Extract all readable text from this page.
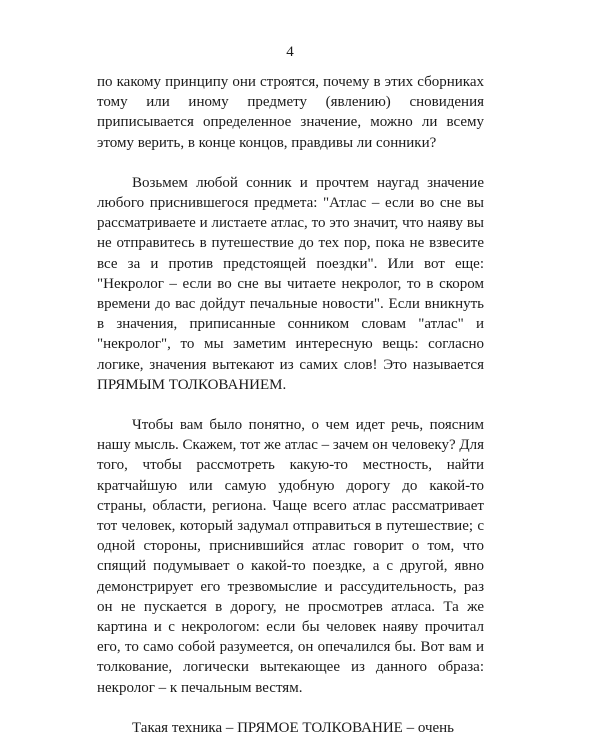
4

по какому принципу они строятся, почему в этих сборниках тому или иному предмету (явлению) сновидения приписывается определенное значение, можно ли всему этому верить, в конце концов, правдивы ли сонники?

Возьмем любой сонник и прочтем наугад значение любого приснившегося предмета: "Атлас – если во сне вы рассматриваете и листаете атлас, то это значит, что наяву вы не отправитесь в путешествие до тех пор, пока не взвесите все за и против предстоящей поездки". Или вот еще: "Некролог – если во сне вы читаете некролог, то в скором времени до вас дойдут печальные новости". Если вникнуть в значения, приписанные сонником словам "атлас" и "некролог", то мы заметим интересную вещь: согласно логике, значения вытекают из самих слов! Это называется ПРЯМЫМ ТОЛКОВАНИЕМ.

Чтобы вам было понятно, о чем идет речь, поясним нашу мысль. Скажем, тот же атлас – зачем он человеку? Для того, чтобы рассмотреть какую-то местность, найти кратчайшую или самую удобную дорогу до какой-то страны, области, региона. Чаще всего атлас рассматривает тот человек, который задумал отправиться в путешествие; с одной стороны, приснившийся атлас говорит о том, что спящий подумывает о какой-то поездке, а с другой, явно демонстрирует его трезвомыслие и рассудительность, раз он не пускается в дорогу, не просмотрев атласа. Та же картина и с некрологом: если бы человек наяву прочитал его, то само собой разумеется, он опечалился бы. Вот вам и толкование, логически вытекающее из данного образа: некролог – к печальным вестям.

Такая техника – ПРЯМОЕ ТОЛКОВАНИЕ – очень
